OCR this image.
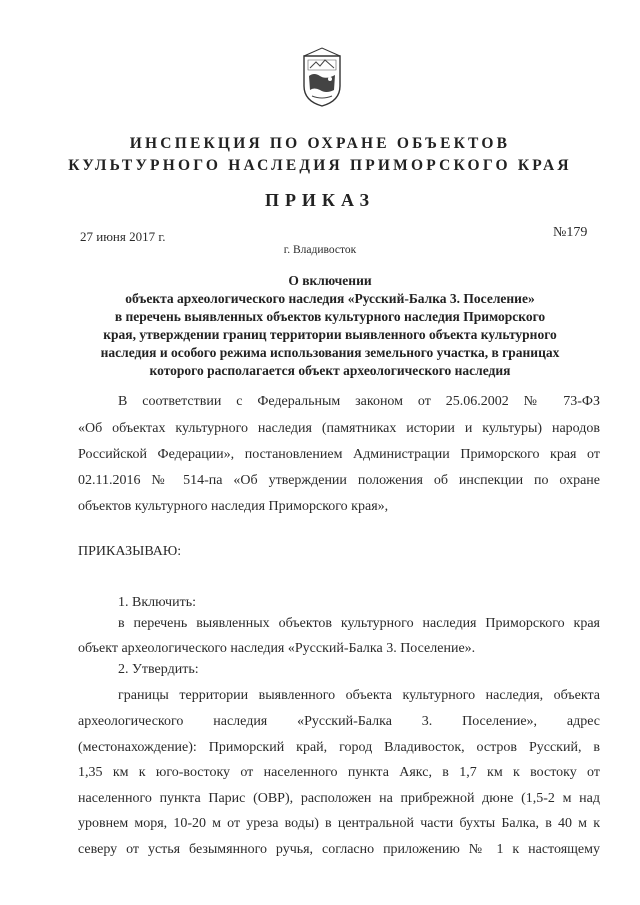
ИНСПЕКЦИЯ ПО ОХРАНЕ ОБЪЕКТОВ
КУЛЬТУРНОГО НАСЛЕДИЯ ПРИМОРСКОГО КРАЯ
ПРИКАЗ
27 июня 2017 г.	№179
г. Владивосток
О включении
объекта археологического наследия «Русский-Балка 3. Поселение»
в перечень выявленных объектов культурного наследия Приморского
края, утверждении границ территории выявленного объекта культурного
наследия и особого режима использования земельного участка, в границах
которого располагается объект археологического наследия
В соответствии с Федеральным законом от 25.06.2002 № 73-ФЗ
«Об объектах культурного наследия (памятниках истории и культуры) народов
Российской Федерации», постановлением Администрации Приморского края от
02.11.2016 № 514-па «Об утверждении положения об инспекции по охране
объектов культурного наследия Приморского края»,
ПРИКАЗЫВАЮ:
1. Включить:
в перечень выявленных объектов культурного наследия Приморского края
объект археологического наследия «Русский-Балка 3. Поселение».
2. Утвердить:
границы территории выявленного объекта культурного наследия, объекта
археологического наследия «Русский-Балка 3. Поселение», адрес
(местонахождение): Приморский край, город Владивосток, остров Русский, в
1,35 км к юго-востоку от населенного пункта Аякс, в 1,7 км к востоку от
населенного пункта Парис (ОВР), расположен на прибрежной дюне (1,5-2 м над
уровнем моря, 10-20 м от уреза воды) в центральной части бухты Балка, в 40 м к
северу от устья безымянного ручья, согласно приложению № 1 к настоящему
